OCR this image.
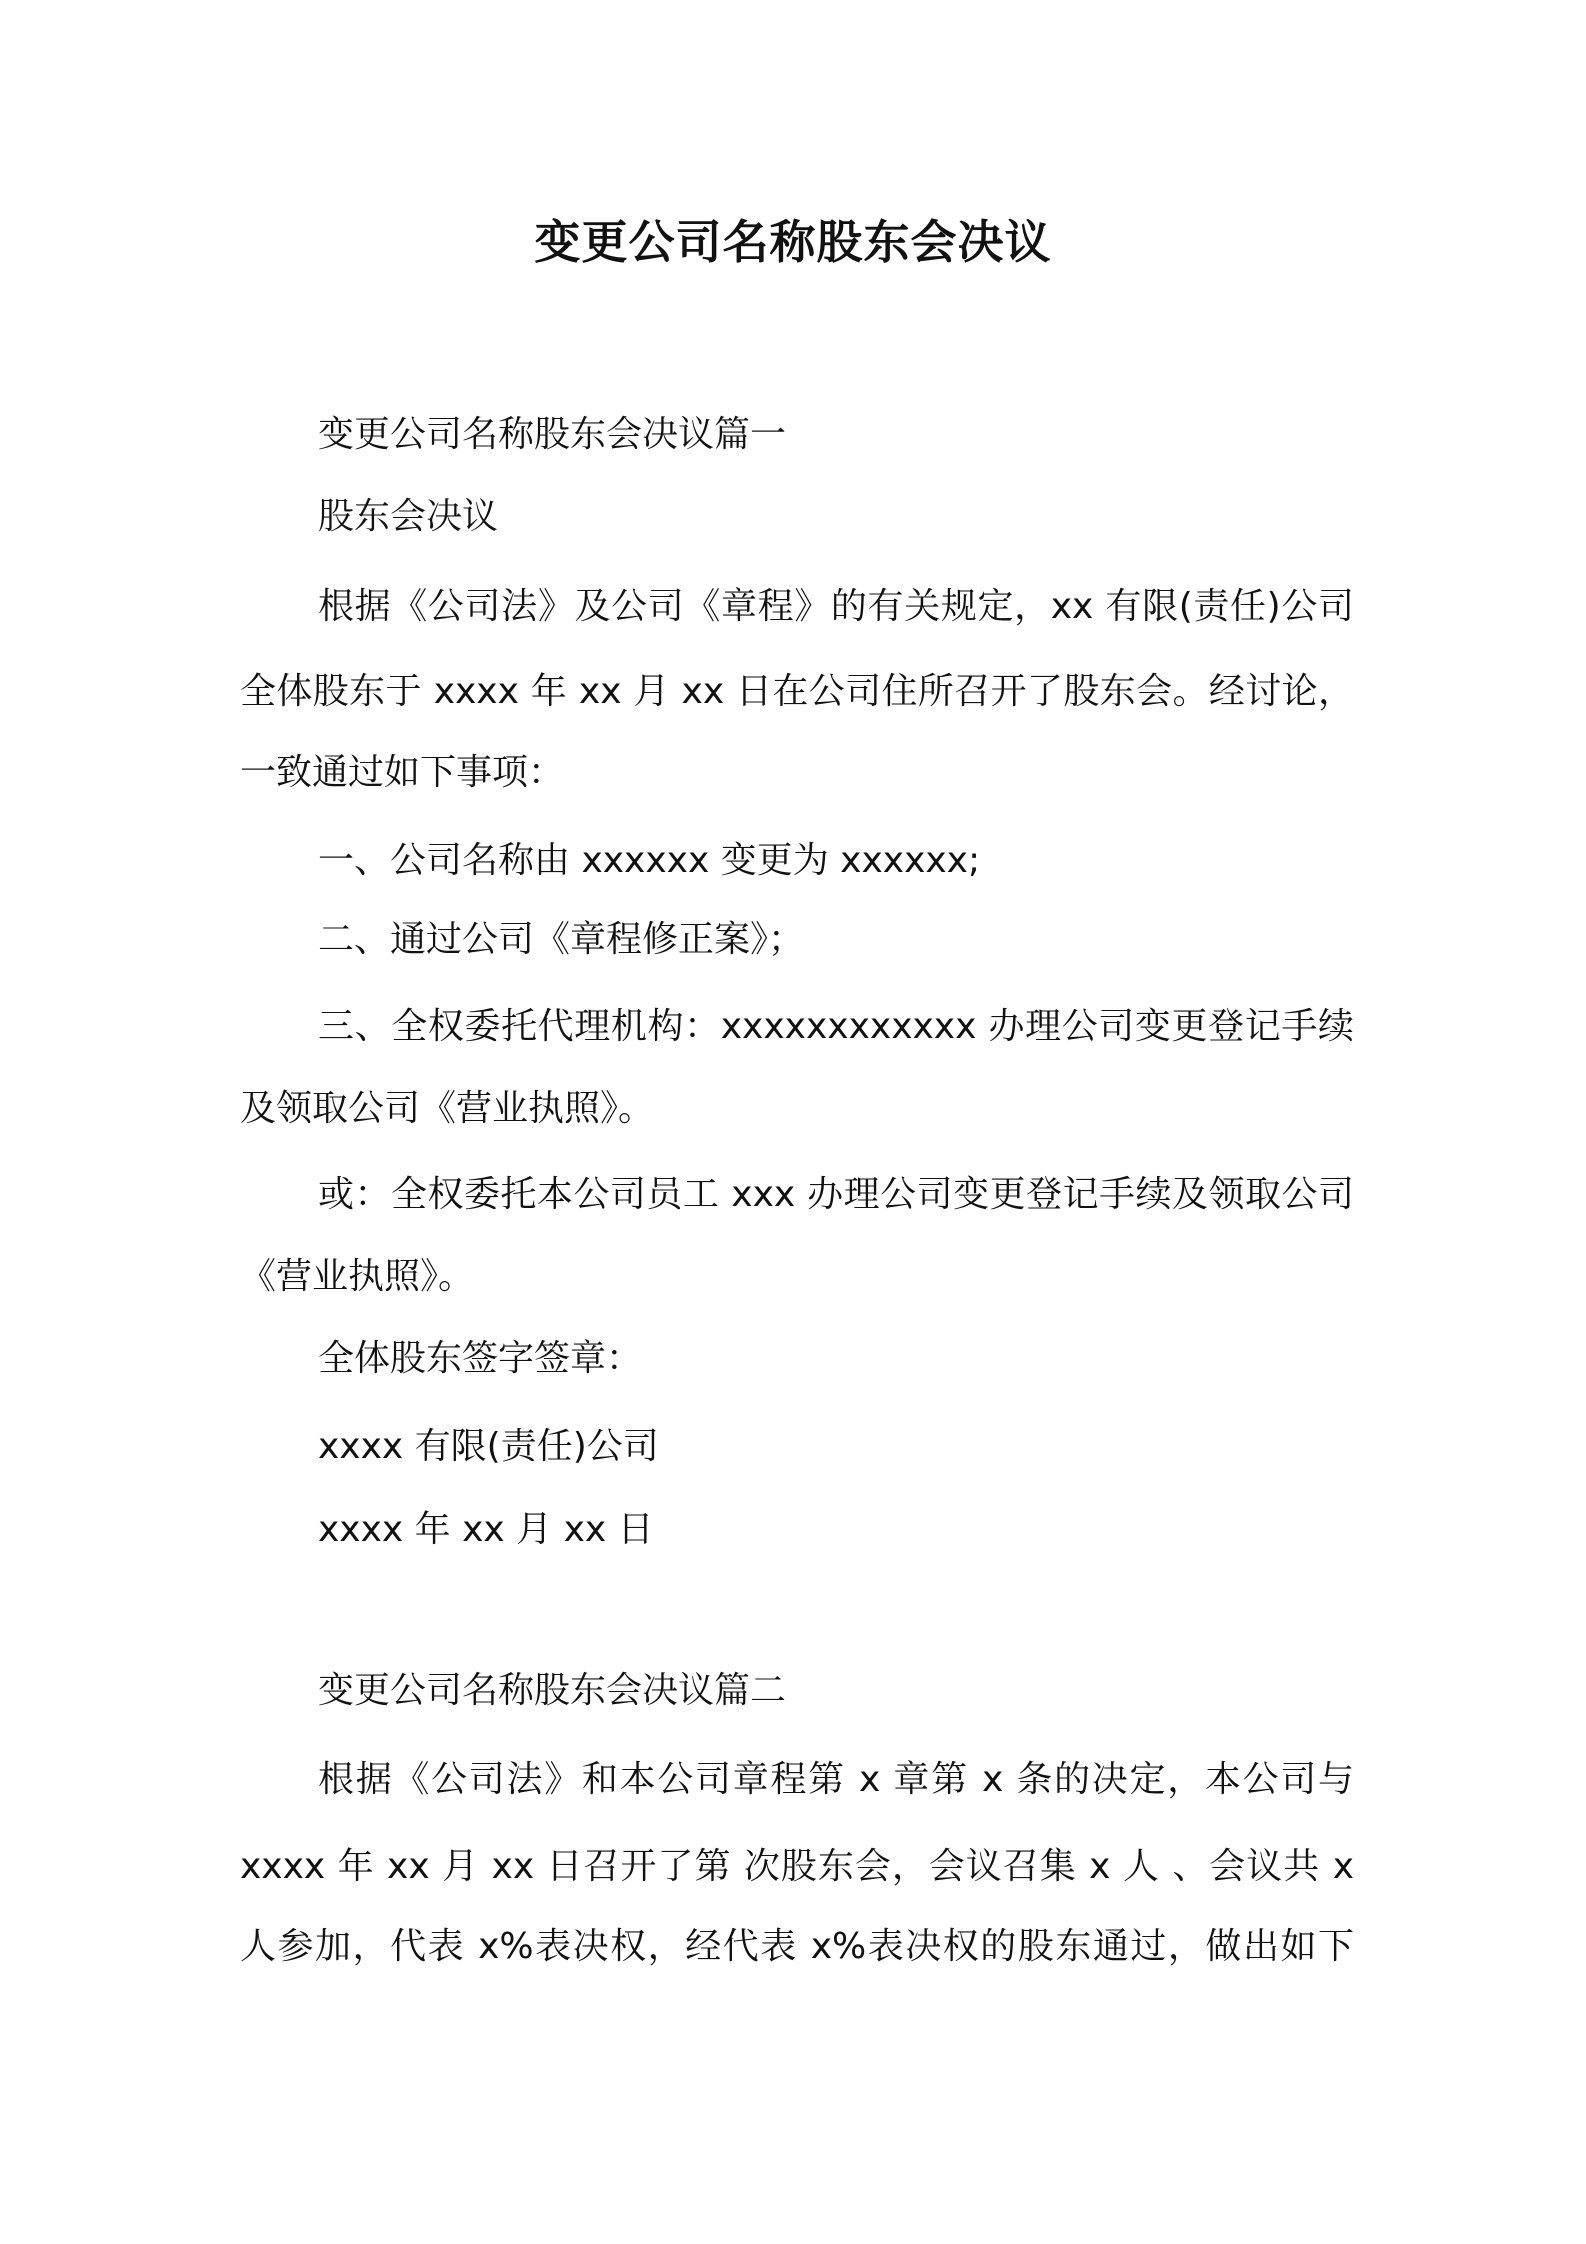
变更公司名称股东会决议
变更公司名称股东会决议篇一
股东会决议
根据《公司法》及公司《章程》的有关规定，xx 有限(责任)公司
全体股东于 xxxx 年 xx 月 xx 日在公司住所召开了股东会。经讨论，
一致通过如下事项：
一、公司名称由 xxxxxx 变更为 xxxxxx;
二、通过公司《章程修正案》；
三、全权委托代理机构：xxxxxxxxxxxx 办理公司变更登记手续
及领取公司《营业执照》。
或：全权委托本公司员工 xxx 办理公司变更登记手续及领取公司
《营业执照》。
全体股东签字签章：
xxxx 有限(责任)公司
xxxx 年 xx 月 xx 日
变更公司名称股东会决议篇二
根据《公司法》和本公司章程第 x 章第 x 条的决定，本公司与
xxxx 年 xx 月 xx 日召开了第 次股东会，会议召集 x 人 、会议共 x
人参加，代表 x%表决权，经代表 x%表决权的股东通过，做出如下
